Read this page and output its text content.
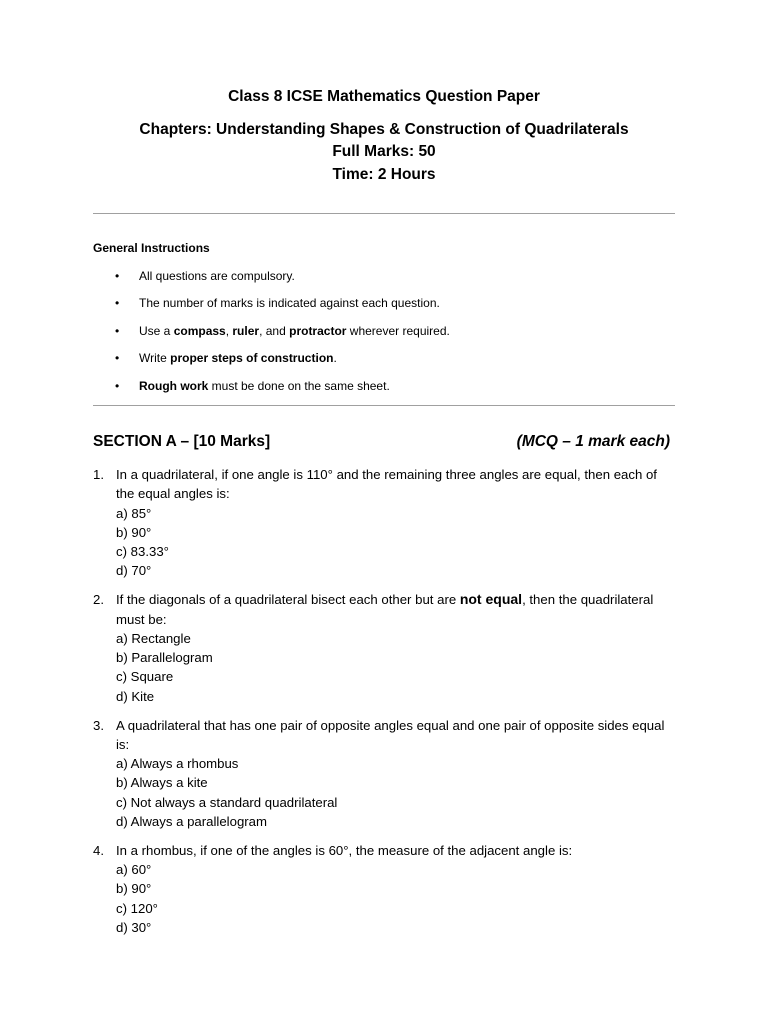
Class 8 ICSE Mathematics Question Paper
Chapters: Understanding Shapes & Construction of Quadrilaterals
Full Marks: 50
Time: 2 Hours
General Instructions
• All questions are compulsory.
• The number of marks is indicated against each question.
• Use a compass, ruler, and protractor wherever required.
• Write proper steps of construction.
• Rough work must be done on the same sheet.
SECTION A – [10 Marks]	(MCQ – 1 mark each)
1. In a quadrilateral, if one angle is 110° and the remaining three angles are equal, then each of the equal angles is:
a) 85°
b) 90°
c) 83.33°
d) 70°
2. If the diagonals of a quadrilateral bisect each other but are not equal, then the quadrilateral must be:
a) Rectangle
b) Parallelogram
c) Square
d) Kite
3. A quadrilateral that has one pair of opposite angles equal and one pair of opposite sides equal is:
a) Always a rhombus
b) Always a kite
c) Not always a standard quadrilateral
d) Always a parallelogram
4. In a rhombus, if one of the angles is 60°, the measure of the adjacent angle is:
a) 60°
b) 90°
c) 120°
d) 30°
